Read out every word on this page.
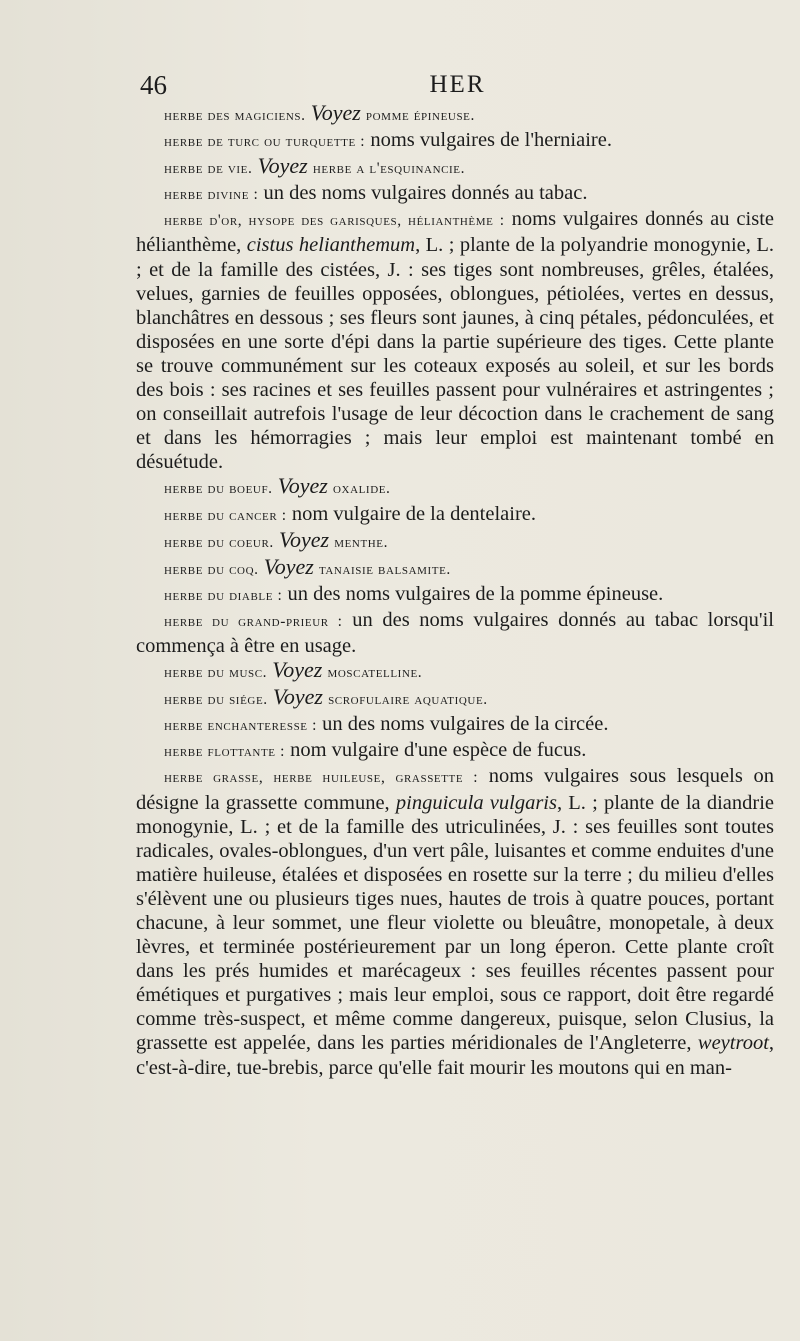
46	HER

herbe des magiciens. Voyez pomme épineuse.

herbe de turc ou turquette : noms vulgaires de l'herniaire.

herbe de vie. Voyez herbe a l'esquinancie.

herbe divine : un des noms vulgaires donnés au tabac.

herbe d'or, hysope des garisques, hélianthème : noms vulgaires donnés au ciste hélianthème, cistus helianthemum, L. ; plante de la polyandrie monogynie, L. ; et de la famille des cistées, J. : ses tiges sont nombreuses, grêles, étalées, velues, garnies de feuilles opposées, oblongues, pétiolées, vertes en dessus, blanchâtres en dessous ; ses fleurs sont jaunes, à cinq pétales, pédonculées, et disposées en une sorte d'épi dans la partie supérieure des tiges. Cette plante se trouve communément sur les coteaux exposés au soleil, et sur les bords des bois : ses racines et ses feuilles passent pour vulnéraires et astringentes ; on conseillait autrefois l'usage de leur décoction dans le crachement de sang et dans les hémorragies ; mais leur emploi est maintenant tombé en désuétude.

herbe du boeuf. Voyez oxalide.

herbe du cancer : nom vulgaire de la dentelaire.

herbe du coeur. Voyez menthe.

herbe du coq. Voyez tanaisie balsamite.

herbe du diable : un des noms vulgaires de la pomme épineuse.

herbe du grand-prieur : un des noms vulgaires donnés au tabac lorsqu'il commença à être en usage.

herbe du musc. Voyez moscatelline.

herbe du siége. Voyez scrofulaire aquatique.

herbe enchanteresse : un des noms vulgaires de la circée.

herbe flottante : nom vulgaire d'une espèce de fucus.

herbe grasse, herbe huileuse, grassette : noms vulgaires sous lesquels on désigne la grassette commune, pinguicula vulgaris, L. ; plante de la diandrie monogynie, L. ; et de la famille des utriculinées, J. : ses feuilles sont toutes radicales, ovales-oblongues, d'un vert pâle, luisantes et comme enduites d'une matière huileuse, étalées et disposées en rosette sur la terre ; du milieu d'elles s'élèvent une ou plusieurs tiges nues, hautes de trois à quatre pouces, portant chacune, à leur sommet, une fleur violette ou bleuâtre, monopetale, à deux lèvres, et terminée postérieurement par un long éperon. Cette plante croît dans les prés humides et marécageux : ses feuilles récentes passent pour émétiques et purgatives ; mais leur emploi, sous ce rapport, doit être regardé comme très-suspect, et même comme dangereux, puisque, selon Clusius, la grassette est appelée, dans les parties méridionales de l'Angleterre, weytroot, c'est-à-dire, tue-brebis, parce qu'elle fait mourir les moutons qui en man-
